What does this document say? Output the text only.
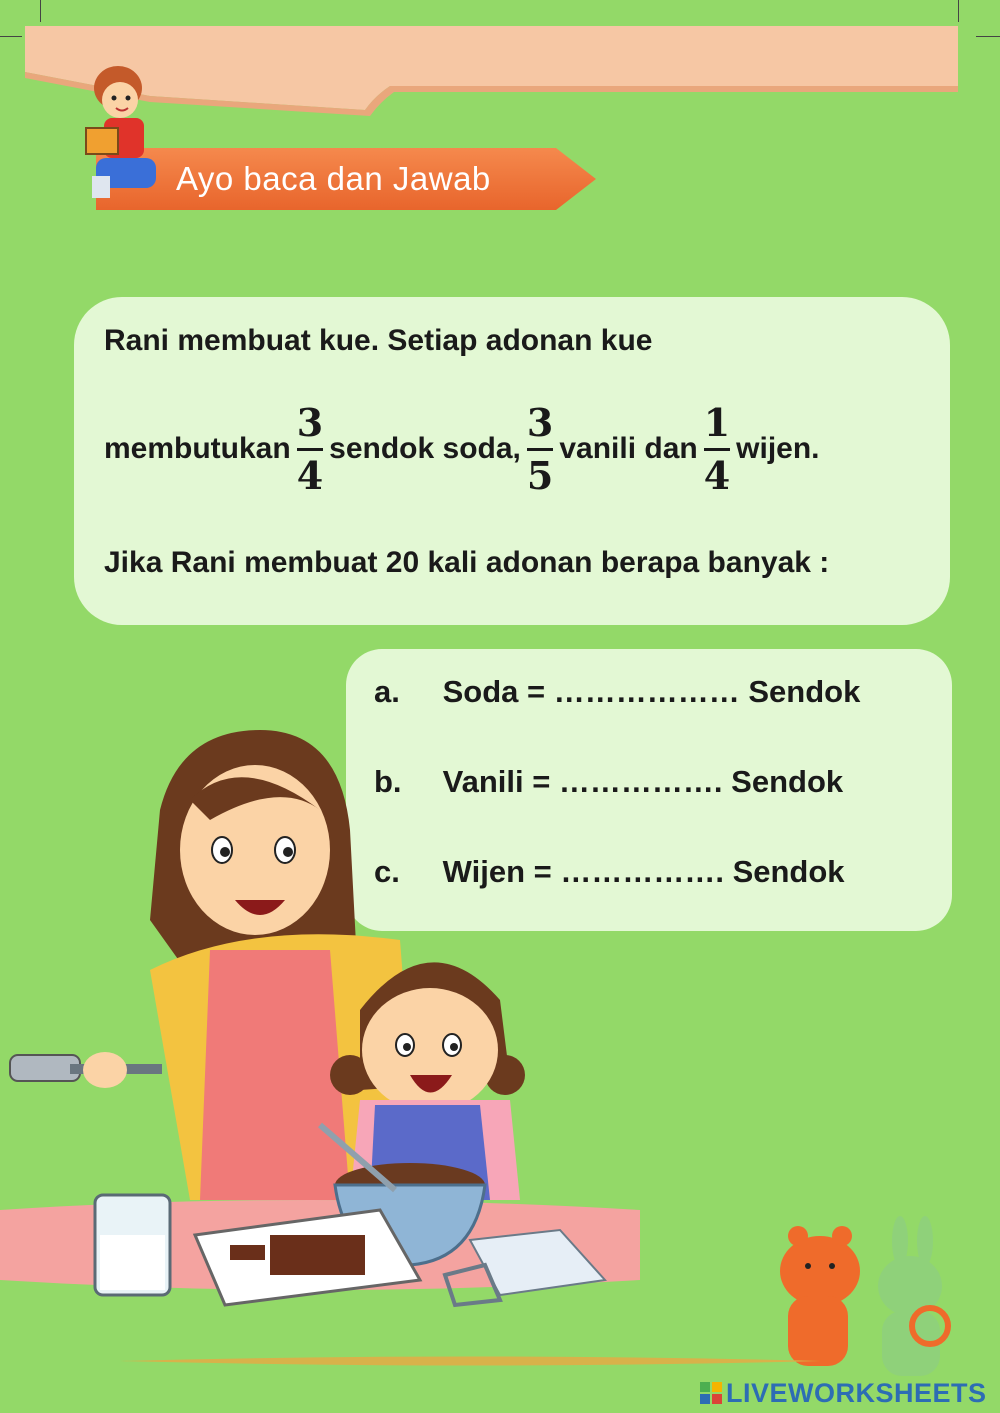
Ayo baca dan Jawab
Rani membuat kue. Setiap adonan kue
membutukan $\frac{3}{4}$ sendok soda, $\frac{3}{5}$ vanili dan $\frac{1}{4}$ wijen.
Jika Rani membuat 20 kali adonan berapa banyak :
a. Soda = ……………… Sendok
b. Vanili = ……………. Sendok
c. Wijen = ……………. Sendok
LIVEWORKSHEETS
